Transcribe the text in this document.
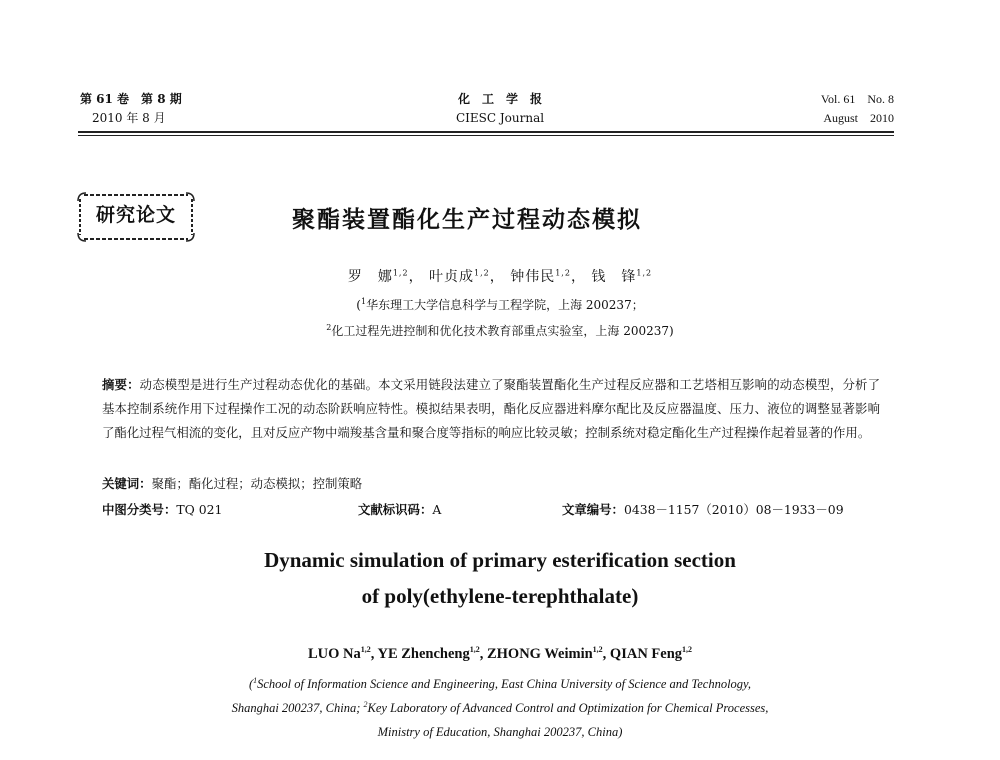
第 61 卷　第 8 期
2010 年 8 月
化工学报
CIESC Journal
Vol. 61　No. 8
August　2010
研究论文	聚酯装置酯化生产过程动态模拟
罗　娜$^{1,2}$， 叶贞成$^{1,2}$， 钟伟民$^{1,2}$， 钱　锋$^{1,2}$
($^1$华东理工大学信息科学与工程学院，上海 200237；
$^2$化工过程先进控制和优化技术教育部重点实验室，上海 200237)
摘要：动态模型是进行生产过程动态优化的基础。本文采用链段法建立了聚酯装置酯化生产过程反应器和工艺塔相互影响的动态模型，分析了基本控制系统作用下过程操作工况的动态阶跃响应特性。模拟结果表明，酯化反应器进料摩尔配比及反应器温度、压力、液位的调整显著影响了酯化过程气相流的变化，且对反应产物中端羧基含量和聚合度等指标的响应比较灵敏；控制系统对稳定酯化生产过程操作起着显著的作用。
关键词：聚酯；酯化过程；动态模拟；控制策略
中图分类号：TQ 021	文献标识码：A	文章编号：0438－1157（2010）08－1933－09
Dynamic simulation of primary esterification section
of poly(ethylene-terephthalate)
LUO Na$^{1,2}$, YE Zhencheng$^{1,2}$, ZHONG Weimin$^{1,2}$, QIAN Feng$^{1,2}$
($^1$School of Information Science and Engineering, East China University of Science and Technology,
Shanghai 200237, China; $^2$Key Laboratory of Advanced Control and Optimization for Chemical Processes,
Ministry of Education, Shanghai 200237, China)
